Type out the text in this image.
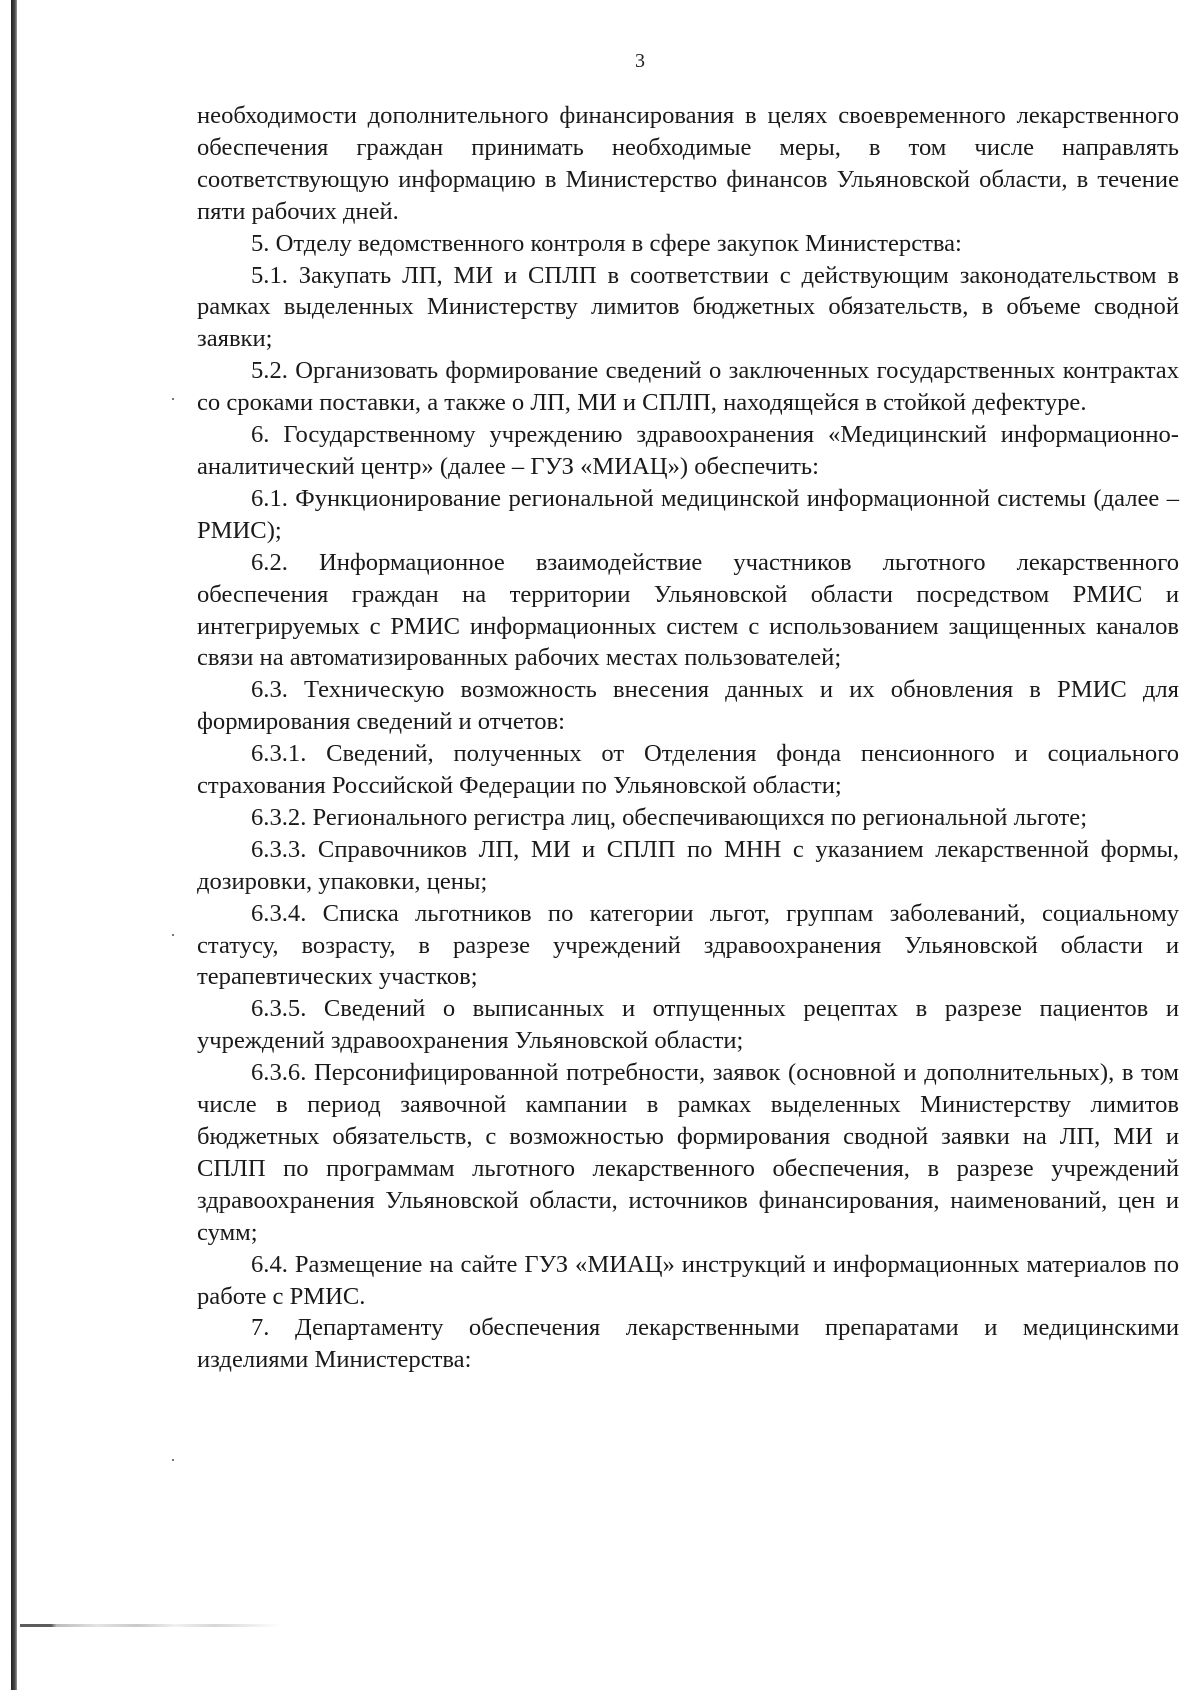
3

необходимости дополнительного финансирования в целях своевременного лекарственного обеспечения граждан принимать необходимые меры, в том числе направлять соответствующую информацию в Министерство финансов Ульяновской области, в течение пяти рабочих дней.

5. Отделу ведомственного контроля в сфере закупок Министерства:

5.1. Закупать ЛП, МИ и СПЛП в соответствии с действующим законодательством в рамках выделенных Министерству лимитов бюджетных обязательств, в объеме сводной заявки;

5.2. Организовать формирование сведений о заключенных государственных контрактах со сроками поставки, а также о ЛП, МИ и СПЛП, находящейся в стойкой дефектуре.

6. Государственному учреждению здравоохранения «Медицинский информационно-аналитический центр» (далее – ГУЗ «МИАЦ») обеспечить:

6.1. Функционирование региональной медицинской информационной системы (далее – РМИС);

6.2. Информационное взаимодействие участников льготного лекарственного обеспечения граждан на территории Ульяновской области посредством РМИС и интегрируемых с РМИС информационных систем с использованием защищенных каналов связи на автоматизированных рабочих местах пользователей;

6.3. Техническую возможность внесения данных и их обновления в РМИС для формирования сведений и отчетов:

6.3.1. Сведений, полученных от Отделения фонда пенсионного и социального страхования Российской Федерации по Ульяновской области;

6.3.2. Регионального регистра лиц, обеспечивающихся по региональной льготе;

6.3.3. Справочников ЛП, МИ и СПЛП по МНН с указанием лекарственной формы, дозировки, упаковки, цены;

6.3.4. Списка льготников по категории льгот, группам заболеваний, социальному статусу, возрасту, в разрезе учреждений здравоохранения Ульяновской области и терапевтических участков;

6.3.5. Сведений о выписанных и отпущенных рецептах в разрезе пациентов и учреждений здравоохранения Ульяновской области;

6.3.6. Персонифицированной потребности, заявок (основной и дополнительных), в том числе в период заявочной кампании в рамках выделенных Министерству лимитов бюджетных обязательств, с возможностью формирования сводной заявки на ЛП, МИ и СПЛП по программам льготного лекарственного обеспечения, в разрезе учреждений здравоохранения Ульяновской области, источников финансирования, наименований, цен и сумм;

6.4. Размещение на сайте ГУЗ «МИАЦ» инструкций и информационных материалов по работе с РМИС.

7. Департаменту обеспечения лекарственными препаратами и медицинскими изделиями Министерства:
